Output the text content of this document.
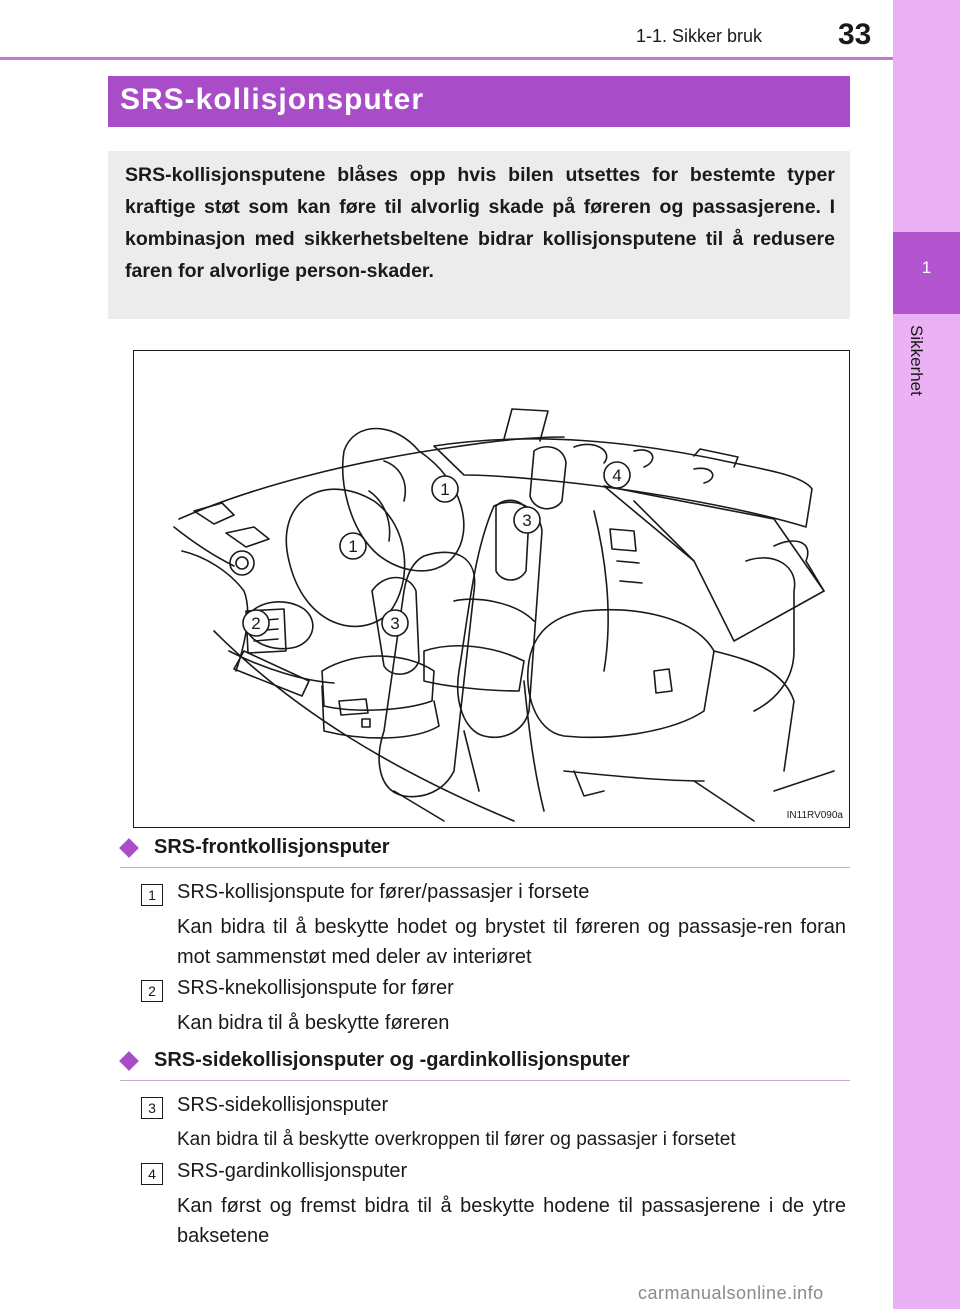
1-1. Sikker bruk	33
1
Sikkerhet
SRS-kollisjonsputer
SRS-kollisjonsputene blåses opp hvis bilen utsettes for bestemte typer kraftige støt som kan føre til alvorlig skade på føreren og passasjerene. I kombinasjon med sikkerhetsbeltene bidrar kollisjonsputene til å redusere faren for alvorlige person-skader.
1
1
2	3
3
4
IN11RV090a
SRS-frontkollisjonsputer
1	SRS-kollisjonspute for fører/passasjer i forsete
Kan bidra til å beskytte hodet og brystet til føreren og passasje-ren foran mot sammenstøt med deler av interiøret
2	SRS-knekollisjonspute for fører
Kan bidra til å beskytte føreren
SRS-sidekollisjonsputer og -gardinkollisjonsputer
3	SRS-sidekollisjonsputer
Kan bidra til å beskytte overkroppen til fører og passasjer i forsetet
4	SRS-gardinkollisjonsputer
Kan først og fremst bidra til å beskytte hodene til passasjerene i de ytre baksetene
carmanualsonline.info
